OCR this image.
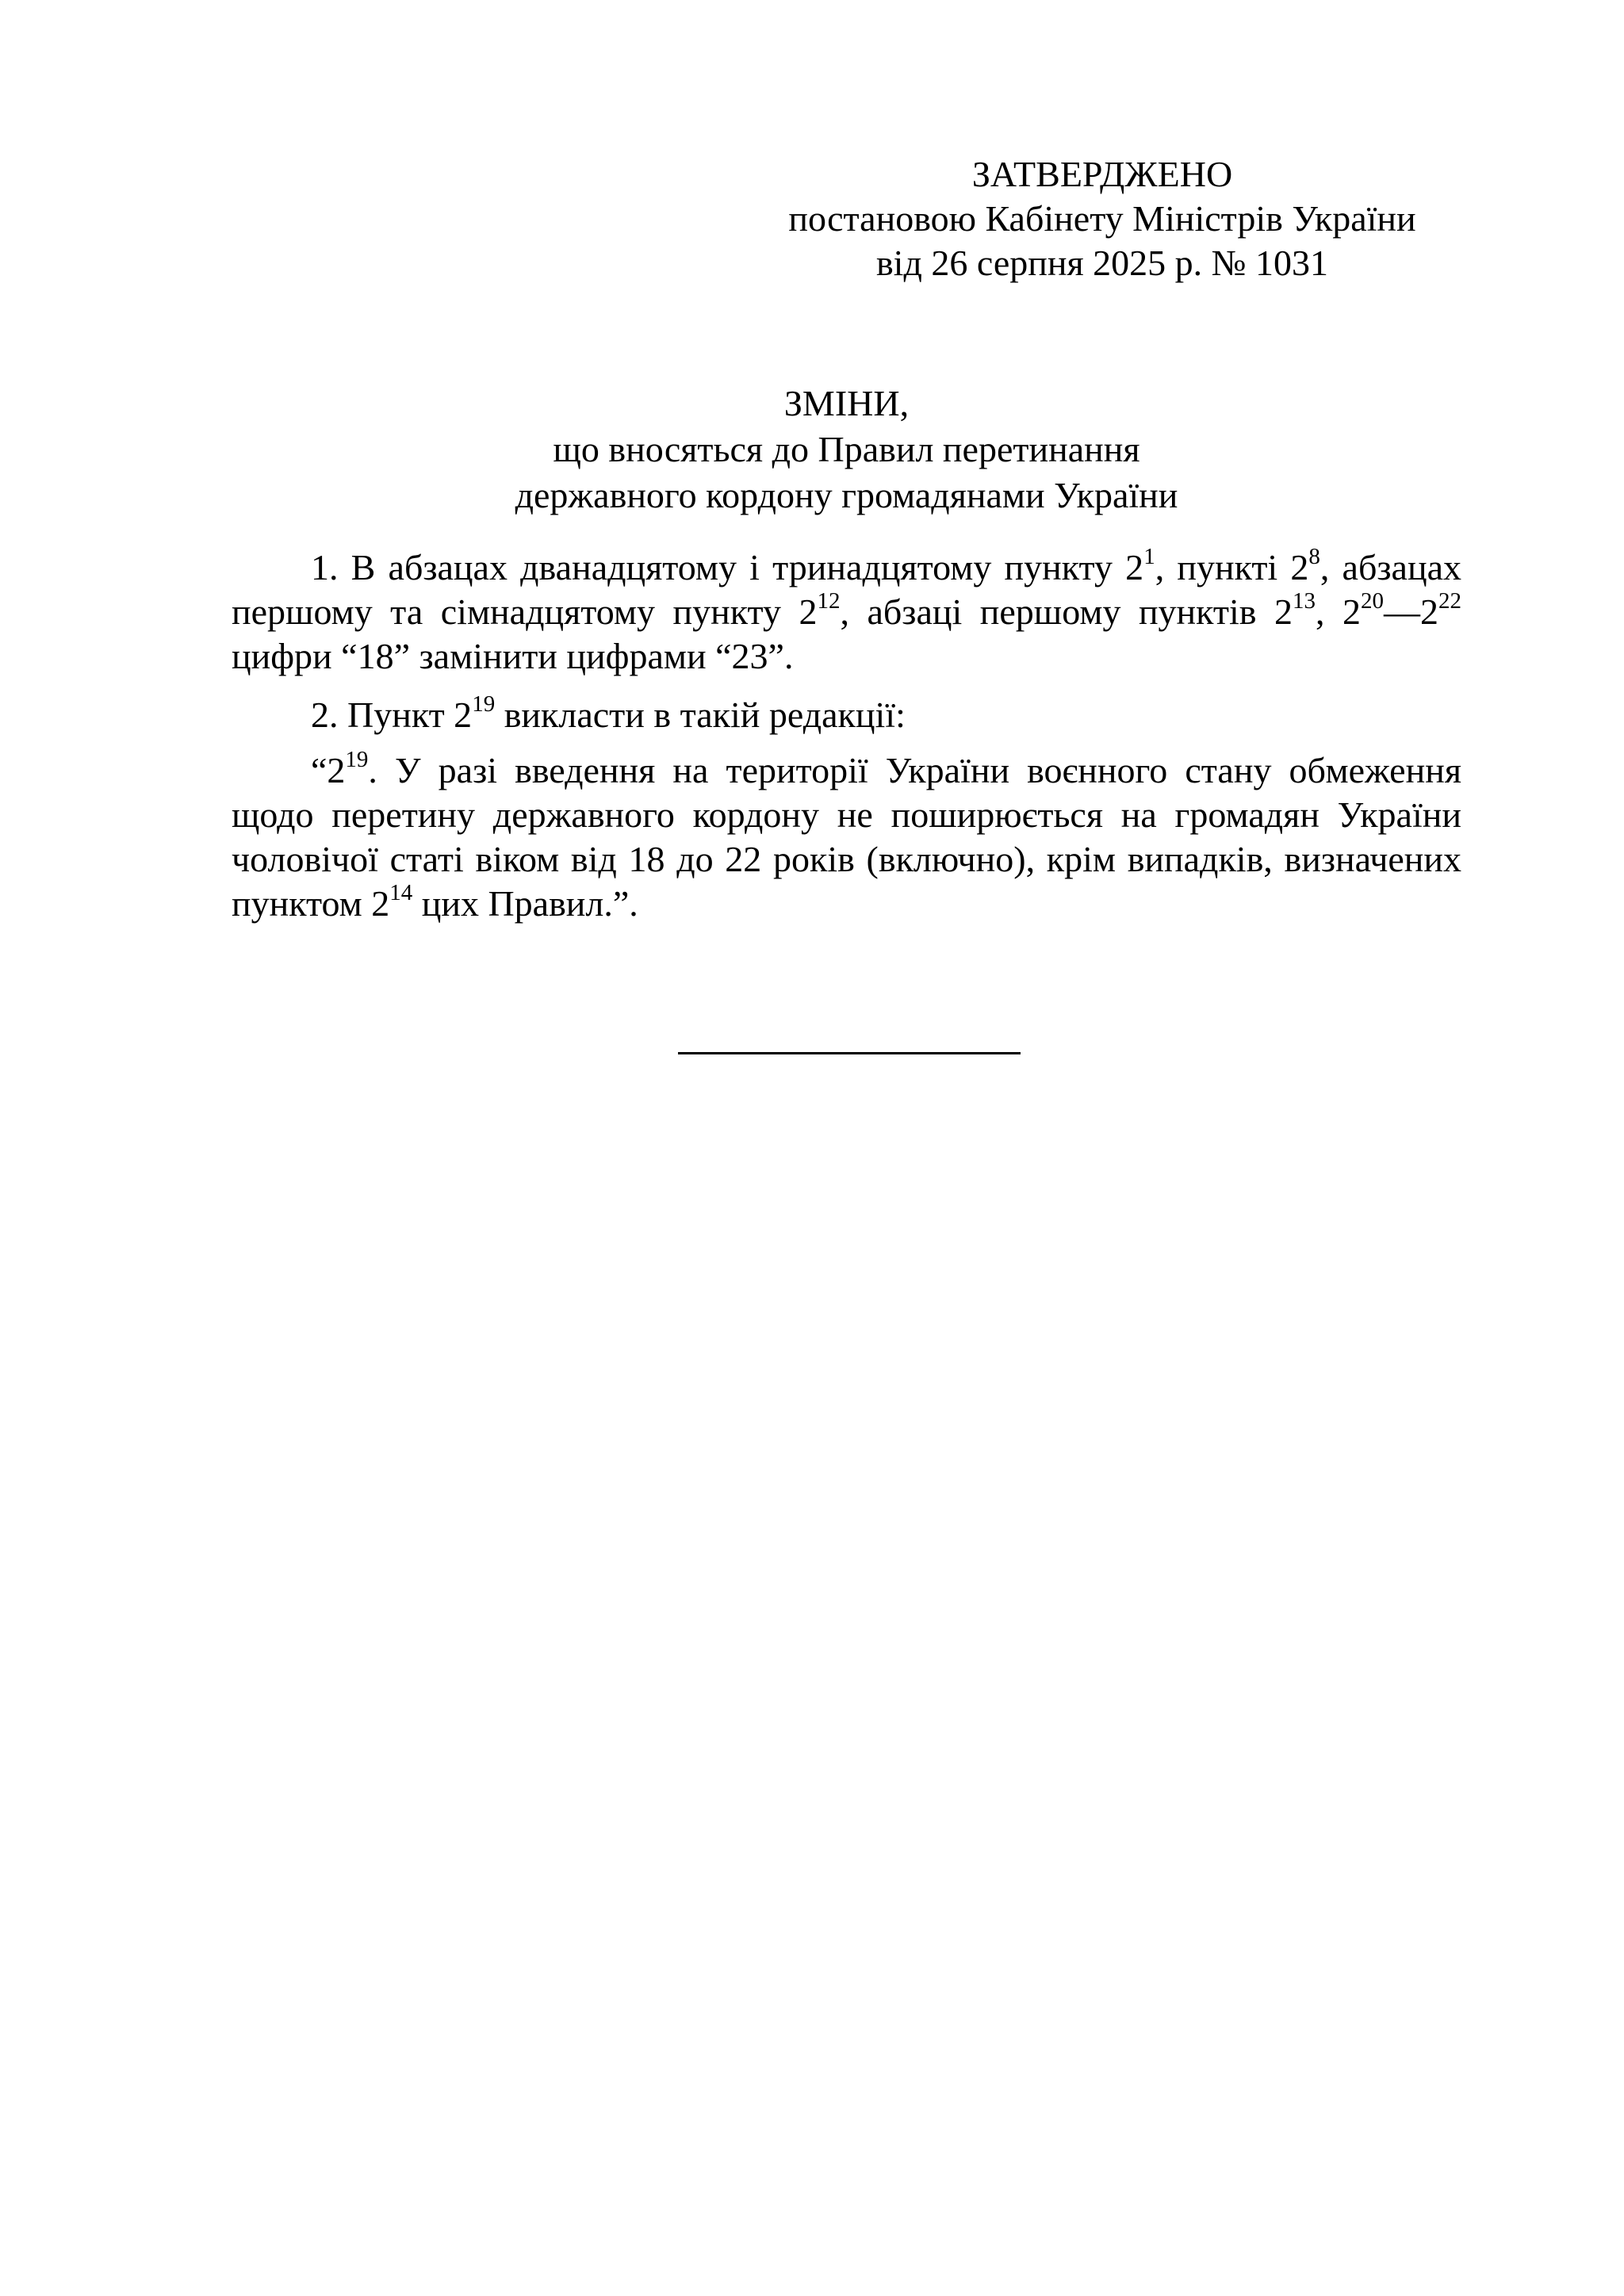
ЗАТВЕРДЖЕНО
постановою Кабінету Міністрів України
від 26 серпня 2025 р. № 1031
ЗМІНИ,
що вносяться до Правил перетинання
державного кордону громадянами України

1. В абзацах дванадцятому і тринадцятому пункту $2^1$, пункті $2^8$, абзацах першому та сімнадцятому пункту $2^{12}$, абзаці першому пунктів $2^{13}$, $2^{20}—2^{22}$ цифри “18” замінити цифрами “23”.

2. Пункт $2^{19}$ викласти в такій редакції:

“$2^{19}$. У разі введення на території України воєнного стану обмеження щодо перетину державного кордону не поширюється на громадян України чоловічої статі віком від 18 до 22 років (включно), крім випадків, визначених пунктом $2^{14}$ цих Правил.”.
